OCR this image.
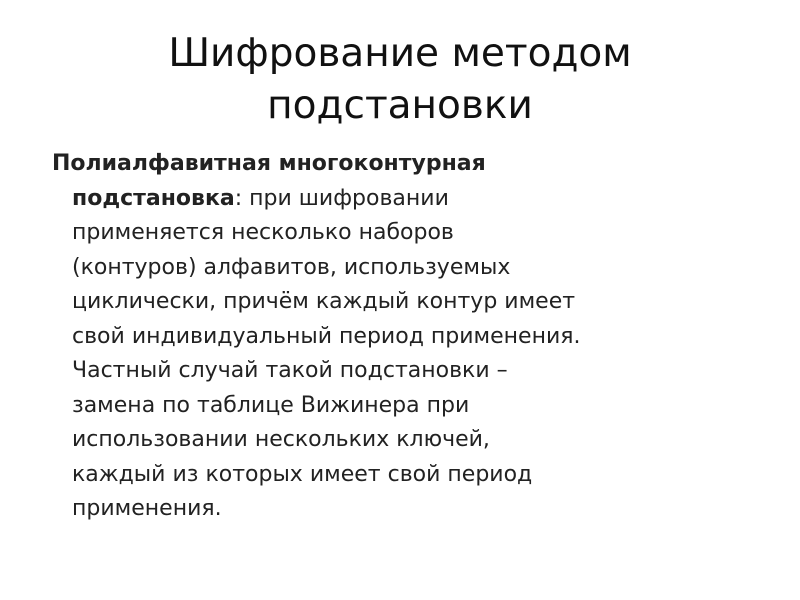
Шифрование методом
подстановки
Полиалфавитная многоконтурная
подстановка: при шифровании
применяется несколько наборов
(контуров) алфавитов, используемых
циклически, причём каждый контур имеет
свой индивидуальный период применения.
Частный случай такой подстановки –
замена по таблице Вижинера при
использовании нескольких ключей,
каждый из которых имеет свой период
применения.
